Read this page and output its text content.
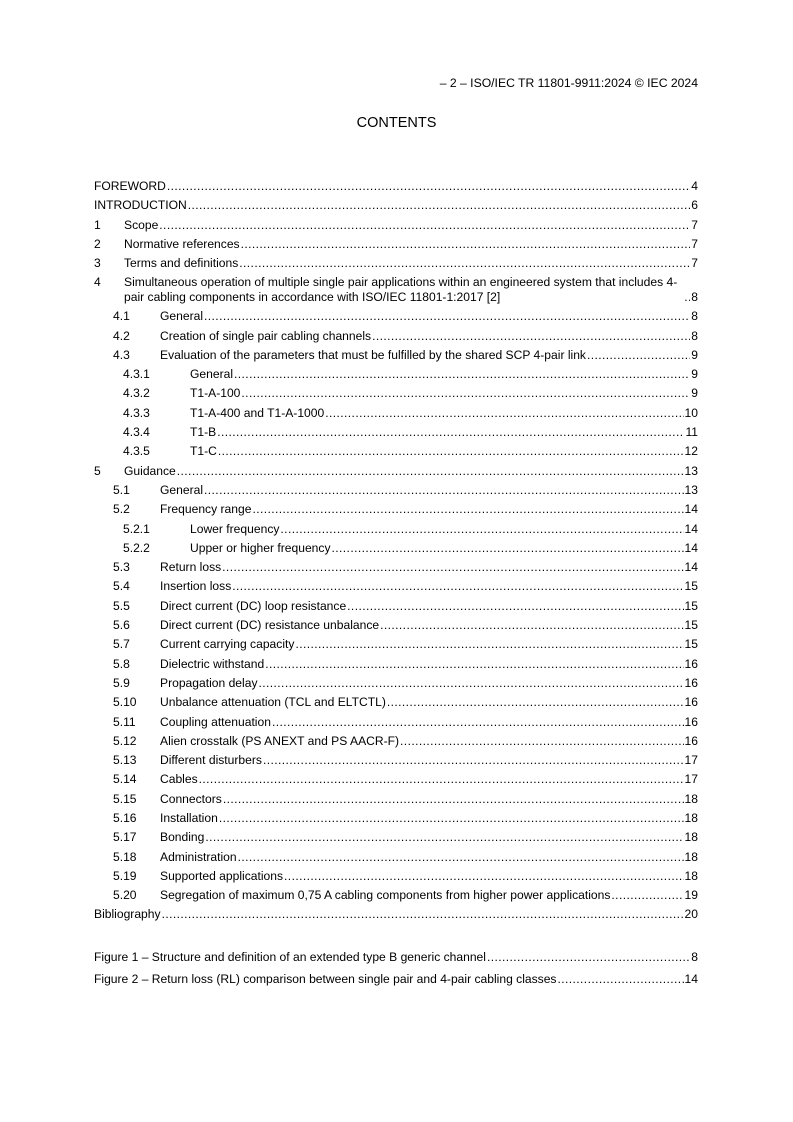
– 2 – ISO/IEC TR 11801-9911:2024 © IEC 2024
CONTENTS
FOREWORD .....	4
INTRODUCTION .....	6
1 Scope .....	7
2 Normative references .....	7
3 Terms and definitions .....	7
4 Simultaneous operation of multiple single pair applications within an engineered system that includes 4-pair cabling components in accordance with ISO/IEC 11801-1:2017 [2] .....	8
4.1 General .....	8
4.2 Creation of single pair cabling channels .....	8
4.3 Evaluation of the parameters that must be fulfilled by the shared SCP 4-pair link .....	9
4.3.1	General .....	9
4.3.2	T1-A-100 .....	9
4.3.3	T1-A-400 and T1-A-1000 .....	10
4.3.4	T1-B .....	11
4.3.5	T1-C .....	12
5 Guidance .....	13
5.1 General .....	13
5.2 Frequency range .....	14
5.2.1	Lower frequency .....	14
5.2.2	Upper or higher frequency .....	14
5.3 Return loss .....	14
5.4 Insertion loss .....	15
5.5 Direct current (DC) loop resistance .....	15
5.6 Direct current (DC) resistance unbalance .....	15
5.7 Current carrying capacity .....	15
5.8 Dielectric withstand .....	16
5.9 Propagation delay .....	16
5.10 Unbalance attenuation (TCL and ELTCTL) .....	16
5.11 Coupling attenuation .....	16
5.12 Alien crosstalk (PS ANEXT and PS AACR-F) .....	16
5.13 Different disturbers .....	17
5.14 Cables .....	17
5.15 Connectors .....	18
5.16 Installation .....	18
5.17 Bonding .....	18
5.18 Administration .....	18
5.19 Supported applications .....	18
5.20 Segregation of maximum 0,75 A cabling components from higher power applications .....	19
Bibliography .....	20
Figure 1 – Structure and definition of an extended type B generic channel .....	8
Figure 2 – Return loss (RL) comparison between single pair and 4-pair cabling classes .....	14
